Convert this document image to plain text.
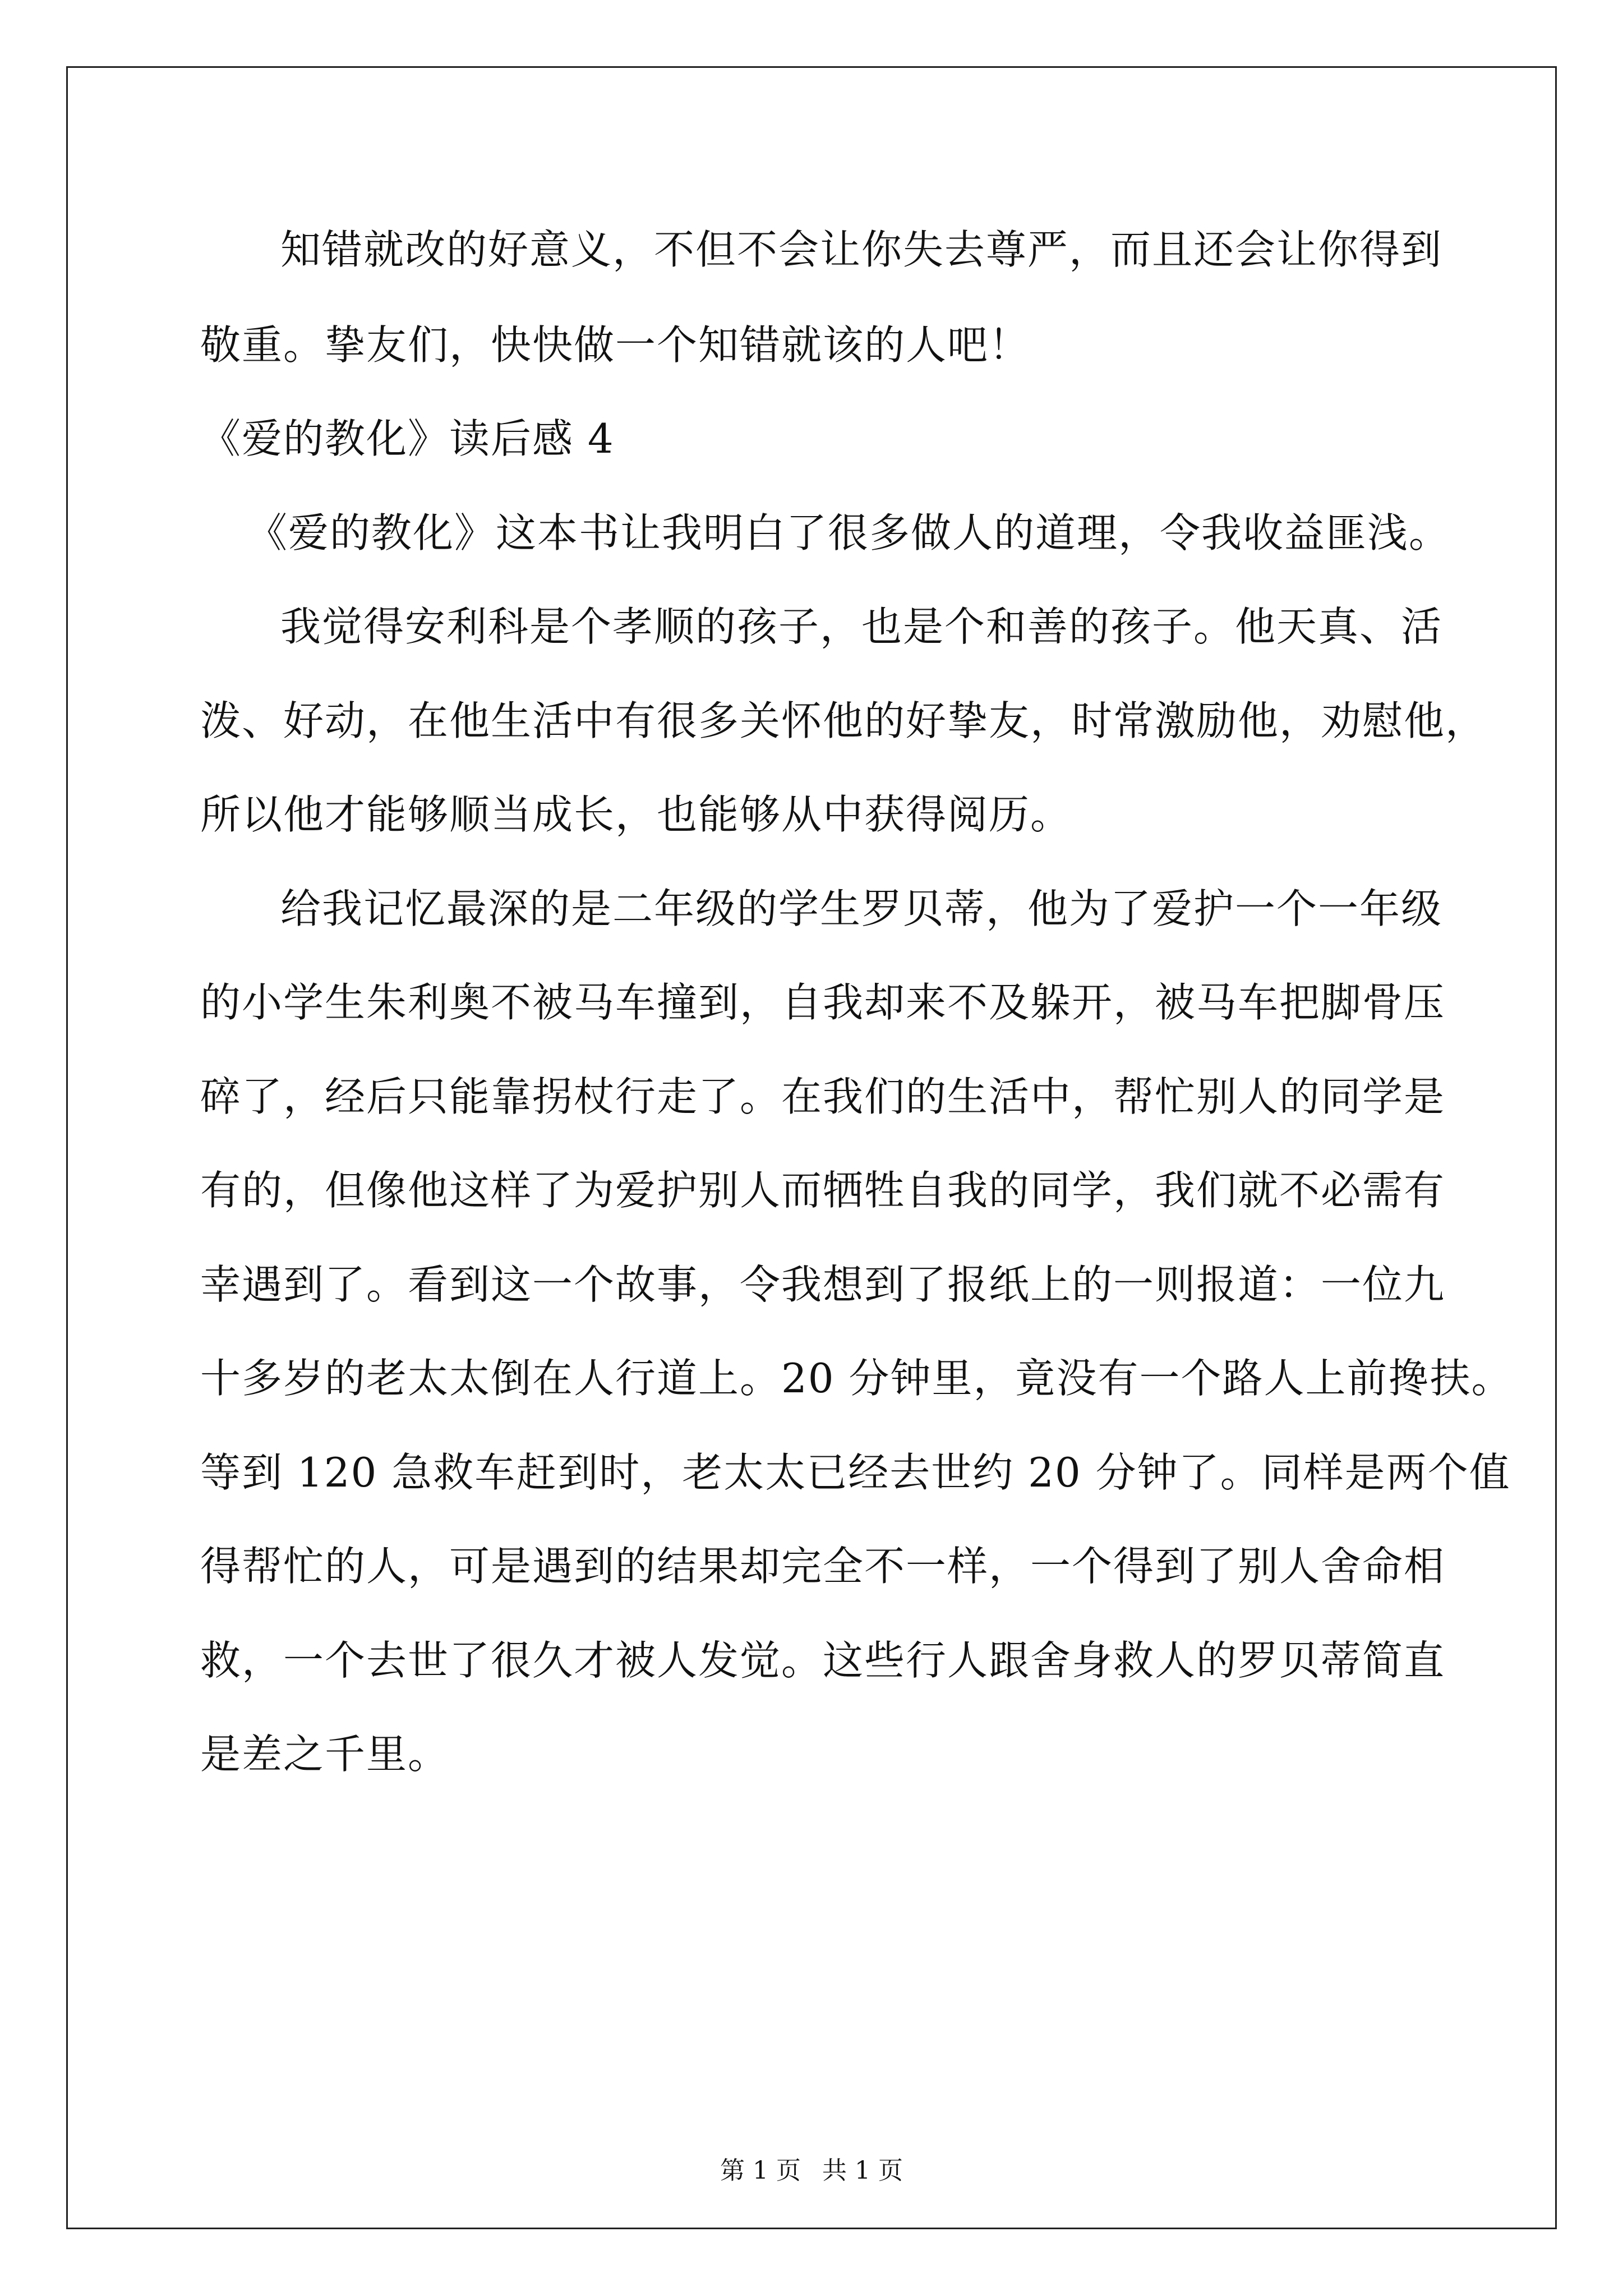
知错就改的好意义，不但不会让你失去尊严，而且还会让你得到
敬重。挚友们，快快做一个知错就该的人吧！
《爱的教化》读后感 4
《爱的教化》这本书让我明白了很多做人的道理，令我收益匪浅。
我觉得安利科是个孝顺的孩子，也是个和善的孩子。他天真、活
泼、好动，在他生活中有很多关怀他的好挚友，时常激励他，劝慰他，
所以他才能够顺当成长，也能够从中获得阅历。
给我记忆最深的是二年级的学生罗贝蒂，他为了爱护一个一年级
的小学生朱利奥不被马车撞到，自我却来不及躲开，被马车把脚骨压
碎了，经后只能靠拐杖行走了。在我们的生活中，帮忙别人的同学是
有的，但像他这样了为爱护别人而牺牲自我的同学，我们就不必需有
幸遇到了。看到这一个故事，令我想到了报纸上的一则报道：一位九
十多岁的老太太倒在人行道上。20 分钟里，竟没有一个路人上前搀扶。
等到 120 急救车赶到时，老太太已经去世约 20 分钟了。同样是两个值
得帮忙的人，可是遇到的结果却完全不一样，一个得到了别人舍命相
救，一个去世了很久才被人发觉。这些行人跟舍身救人的罗贝蒂简直
是差之千里。
第 1 页 共 1 页
